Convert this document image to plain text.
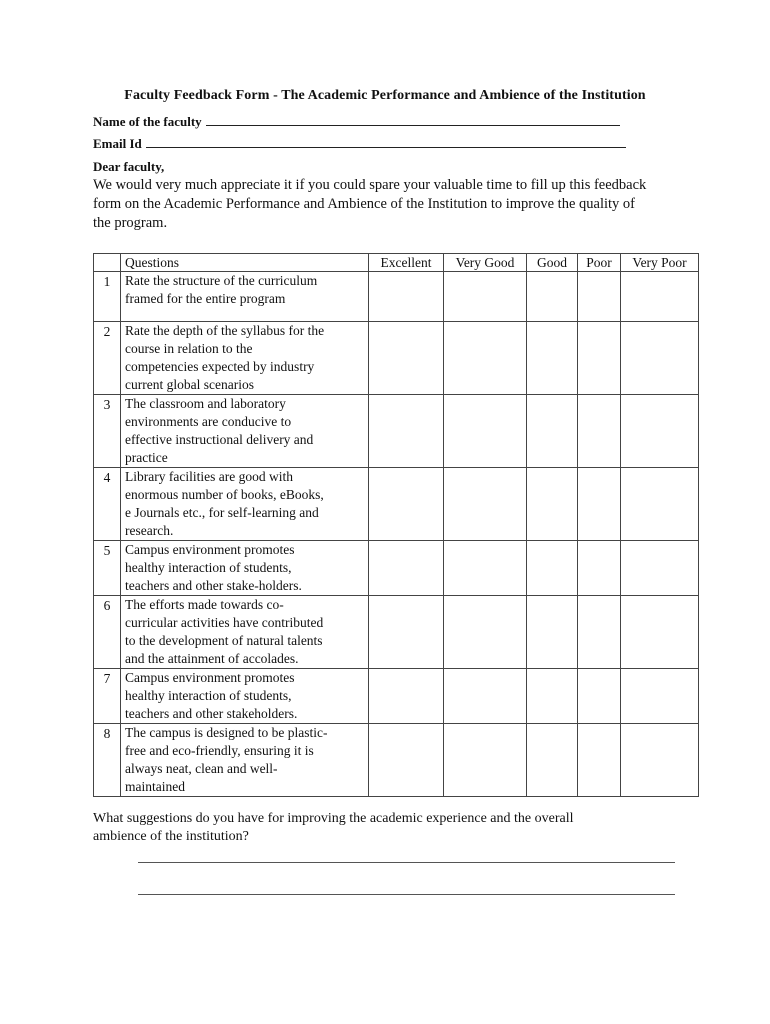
Faculty Feedback Form - The Academic Performance and Ambience of the Institution
Name of the faculty
Email Id
Dear faculty,
We would very much appreciate it if you could spare your valuable time to fill up this feedback
form on the Academic Performance and Ambience of the Institution to improve the quality of
the program.
	Questions	Excellent	Very Good	Good	Poor	Very Poor
1	Rate the structure of the curriculum
framed for the entire program					

2	Rate the depth of the syllabus for the
course in relation to the
competencies expected by industry
current global scenarios					

3	The classroom and laboratory
environments are conducive to
effective instructional delivery and
practice					

4	Library facilities are good with
enormous number of books, eBooks,
e Journals etc., for self-learning and
research.					

5	Campus environment promotes
healthy interaction of students,
teachers and other stake-holders.					

6	The efforts made towards co-
curricular activities have contributed
to the development of natural talents
and the attainment of accolades.					

7	Campus environment promotes
healthy interaction of students,
teachers and other stakeholders.					

8	The campus is designed to be plastic-
free and eco-friendly, ensuring it is
always neat, clean and well-
maintained					

What suggestions do you have for improving the academic experience and the overall
ambience of the institution?
